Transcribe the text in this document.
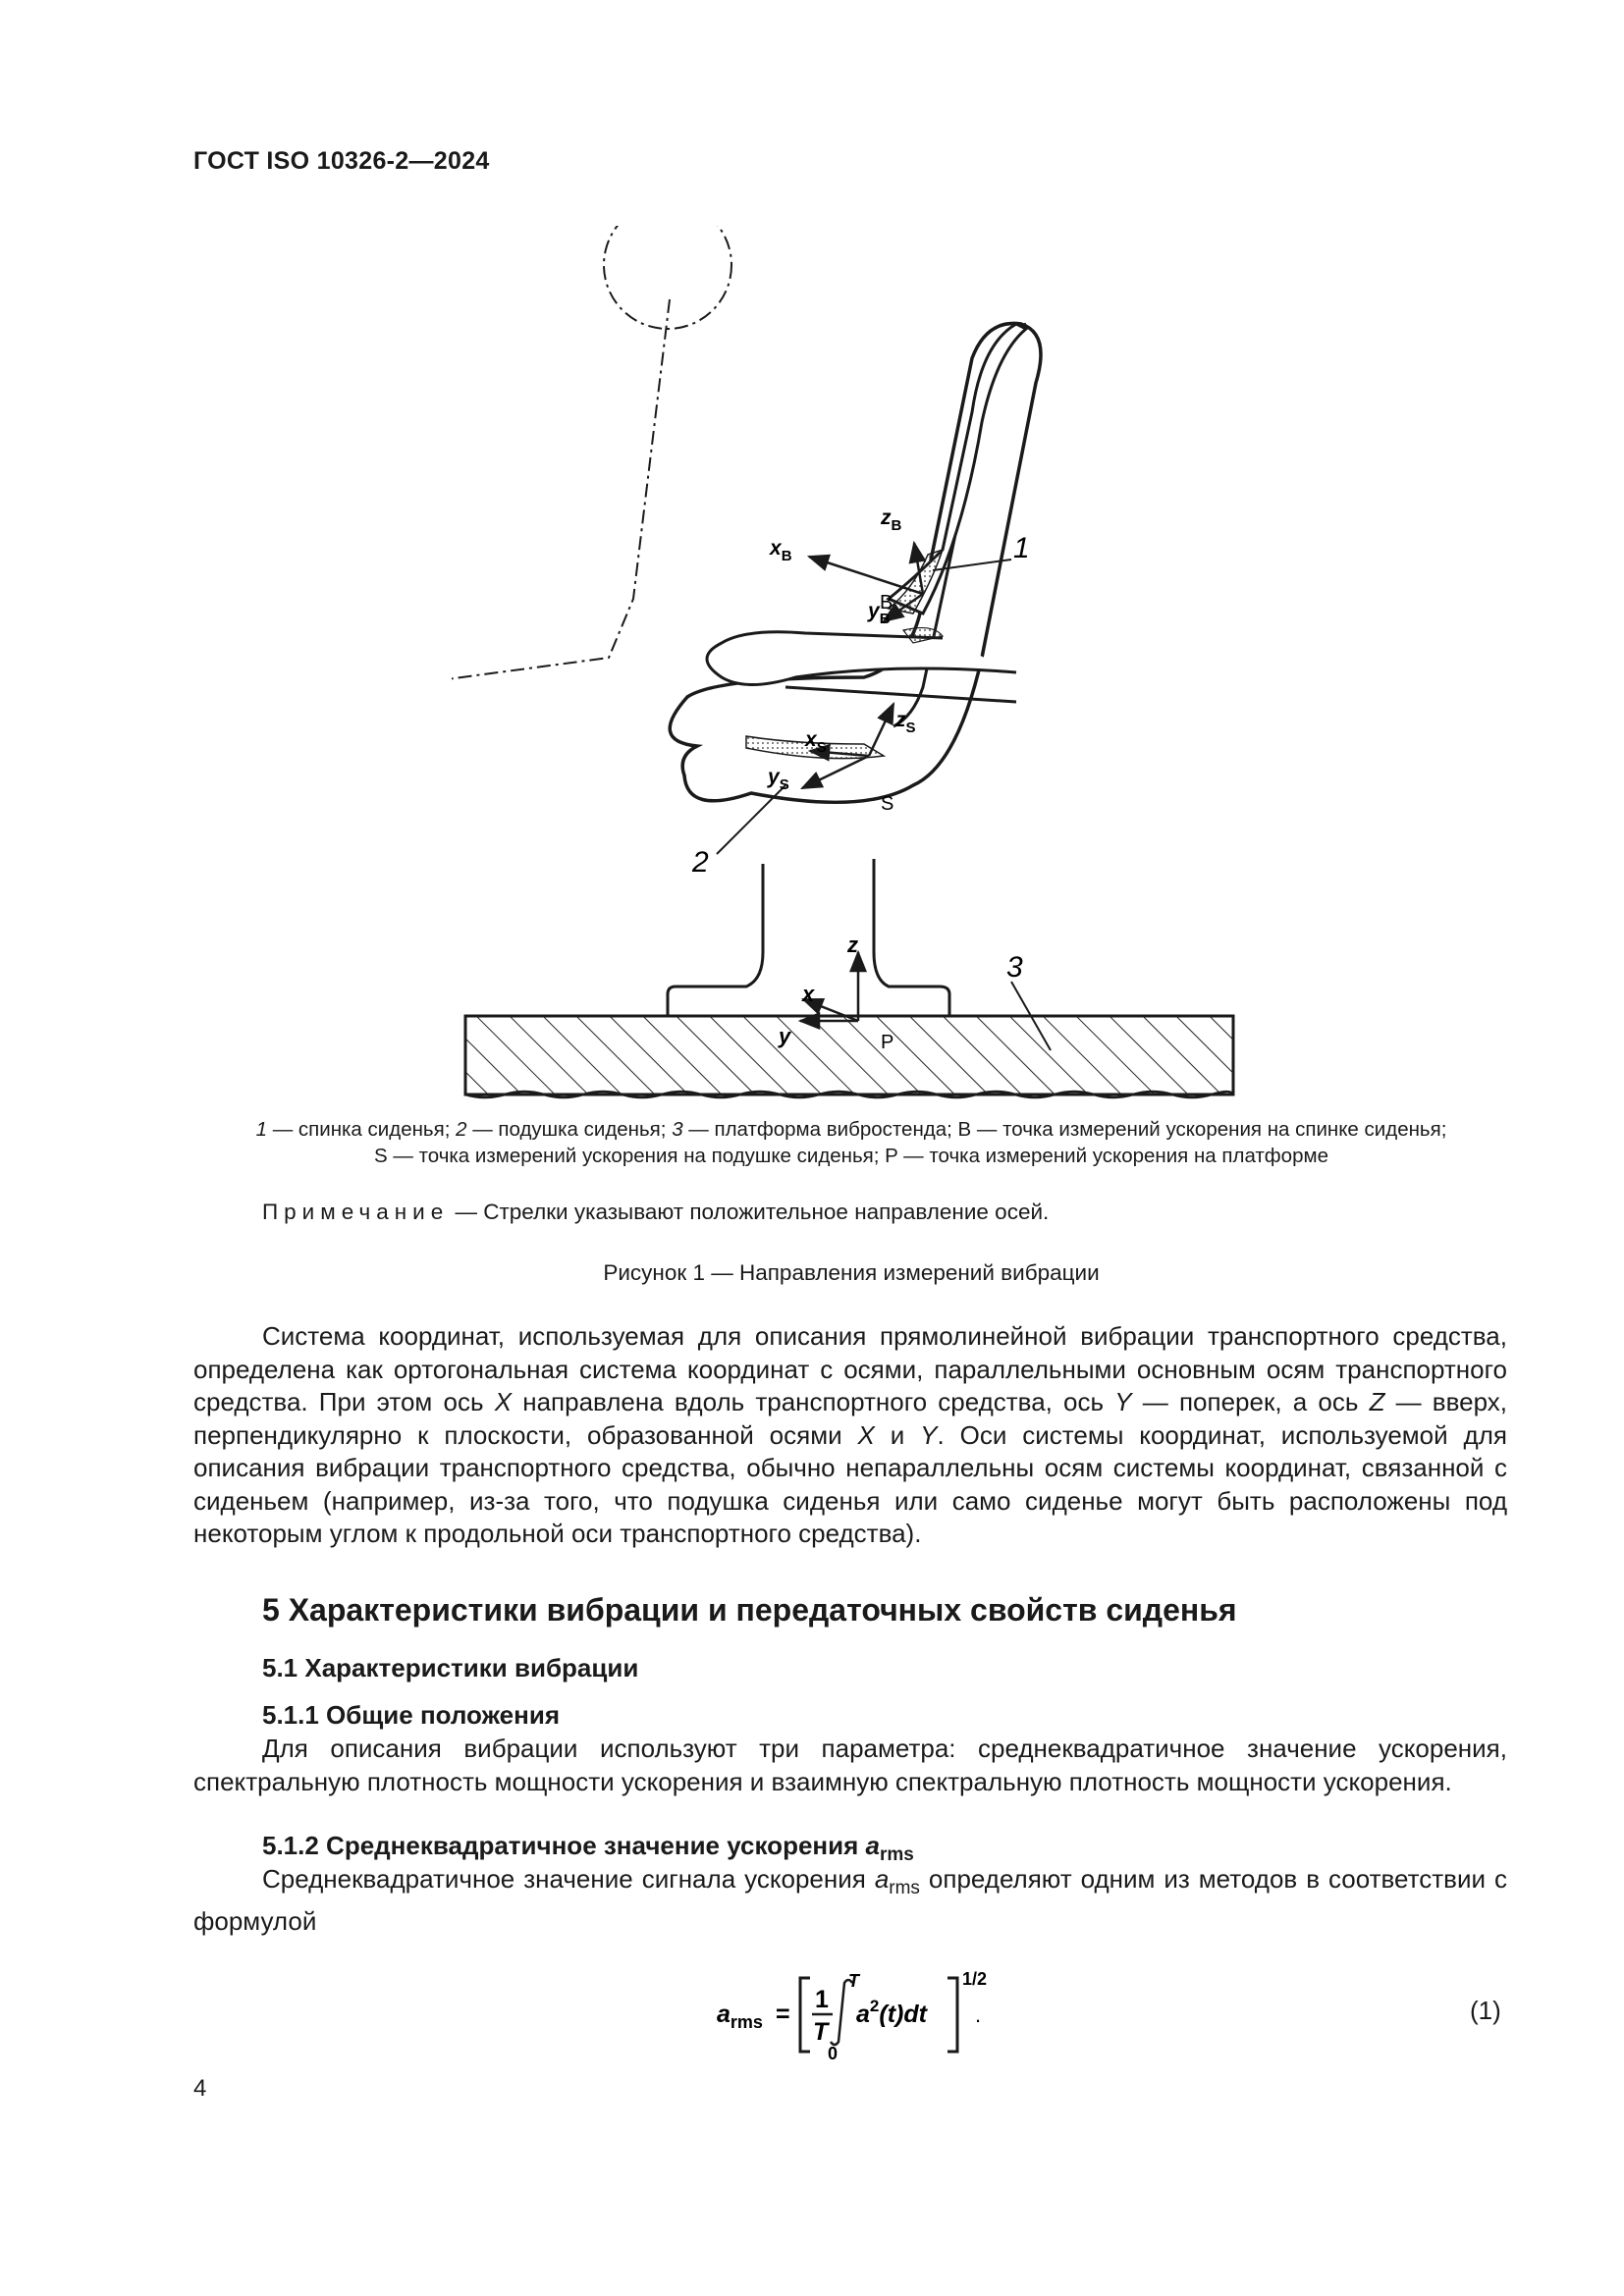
ГОСТ ISO 10326-2—2024
1
2
3
$z_B$
B
$x_B$
$y_B$
$z_S$
$x_S$
$y_S$
S
z
x
y	P
1 — спинка сиденья; 2 — подушка сиденья; 3 — платформа вибростенда; В — точка измерений ускорения на спинке сиденья;
S — точка измерений ускорения на подушке сиденья; P — точка измерений ускорения на платформе
Примечание — Стрелки указывают положительное направление осей.
Рисунок 1 — Направления измерений вибрации
Система координат, используемая для описания прямолинейной вибрации транспортного средства, определена как ортогональная система координат с осями, параллельными основным осям транспортного средства. При этом ось X направлена вдоль транспортного средства, ось Y — поперек, а ось Z — вверх, перпендикулярно к плоскости, образованной осями X и Y. Оси системы координат, используемой для описания вибрации транспортного средства, обычно непараллельны осям системы координат, связанной с сиденьем (например, из-за того, что подушка сиденья или само сиденье могут быть расположены под некоторым углом к продольной оси транспортного средства).
5 Характеристики вибрации и передаточных свойств сиденья
5.1 Характеристики вибрации
5.1.1 Общие положения
Для описания вибрации используют три параметра: среднеквадратичное значение ускорения, спектральную плотность мощности ускорения и взаимную спектральную плотность мощности ускорения.
5.1.2 Среднеквадратичное значение ускорения $a_{rms}$
Среднеквадратичное значение сигнала ускорения $a_{rms}$ определяют одним из методов в соответствии с формулой
$a_{rms}$ =
1
T
T
0
$a^2(t)dt$
1/2
.	(1)
4
